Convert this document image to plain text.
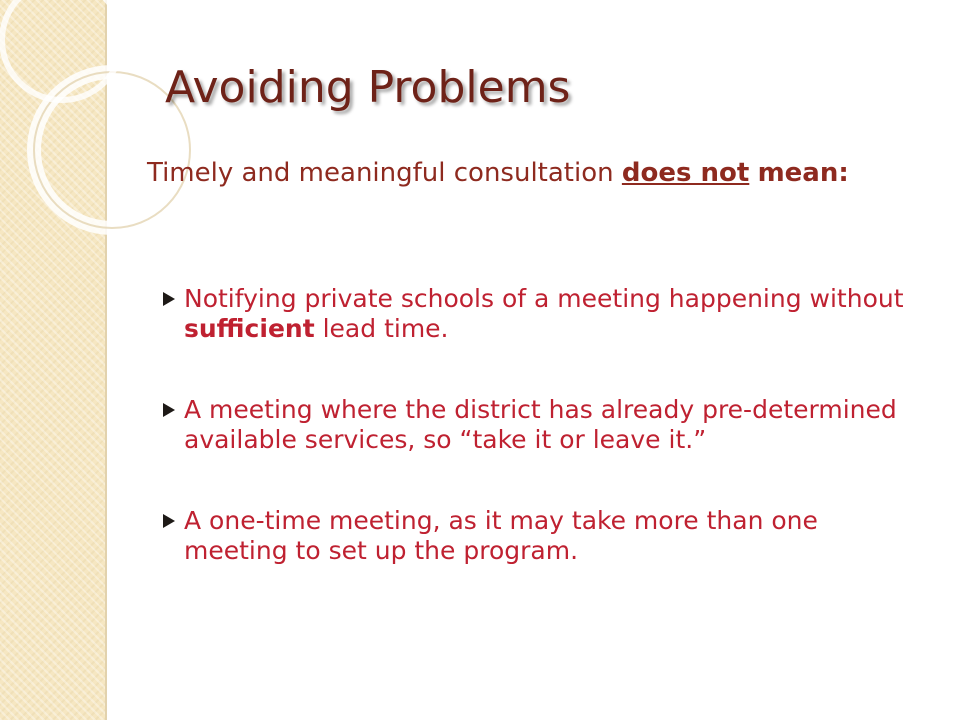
Avoiding Problems

Timely and meaningful consultation does not mean:

Notifying private schools of a meeting happening without sufficient lead time.
A meeting where the district has already pre-determined available services, so “take it or leave it.”
A one-time meeting, as it may take more than one meeting to set up the program.
